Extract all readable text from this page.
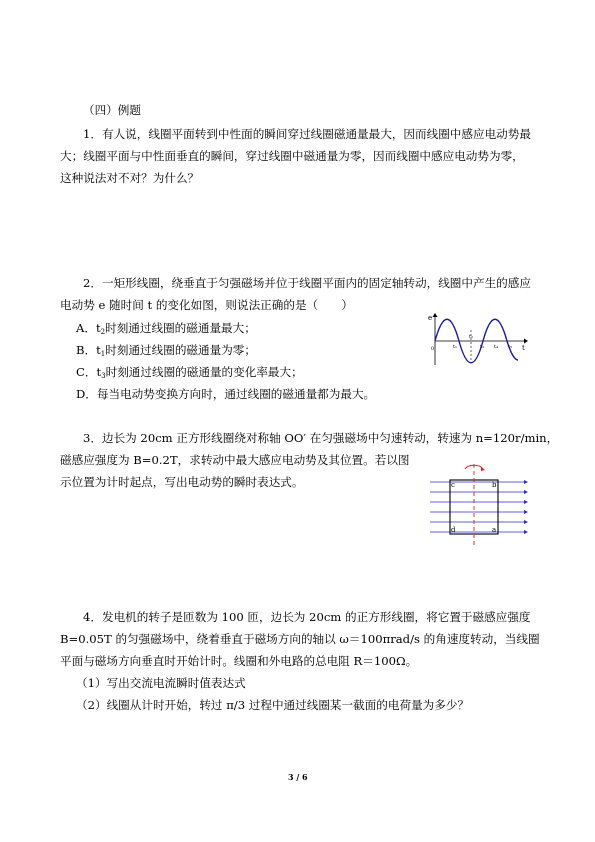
（四）例题
1．有人说，线圈平面转到中性面的瞬间穿过线圈磁通量最大，因而线圈中感应电动势最
大；线圈平面与中性面垂直的瞬间，穿过线圈中磁通量为零，因而线圈中感应电动势为零，
这种说法对不对？为什么？
2．一矩形线圈，绕垂直于匀强磁场并位于线圈平面内的固定轴转动，线圈中产生的感应
电动势 e 随时间 t 的变化如图，则说法正确的是（　　）
A．$t_2$时刻通过线圈的磁通量最大；
B．$t_1$时刻通过线圈的磁通量为零；
C．$t_3$时刻通过线圈的磁通量的变化率最大；
D．每当电动势变换方向时，通过线圈的磁通量都为最大。
e
t
0	t₁
t₂
t₃ t₄ t₅
3．边长为 20cm 正方形线圈绕对称轴 OO′ 在匀强磁场中匀速转动，转速为 n=120r/min，
磁感应强度为 B=0.2T，求转动中最大感应电动势及其位置。若以图
示位置为计时起点，写出电动势的瞬时表达式。	c	b
d	a
4．发电机的转子是匝数为 100 匝，边长为 20cm 的正方形线圈，将它置于磁感应强度
B=0.05T 的匀强磁场中，绕着垂直于磁场方向的轴以 ω＝100πrad/s 的角速度转动，当线圈
平面与磁场方向垂直时开始计时。线圈和外电路的总电阻 R＝100Ω。
（1）写出交流电流瞬时值表达式
（2）线圈从计时开始，转过 π/3 过程中通过线圈某一截面的电荷量为多少？
3 / 6
